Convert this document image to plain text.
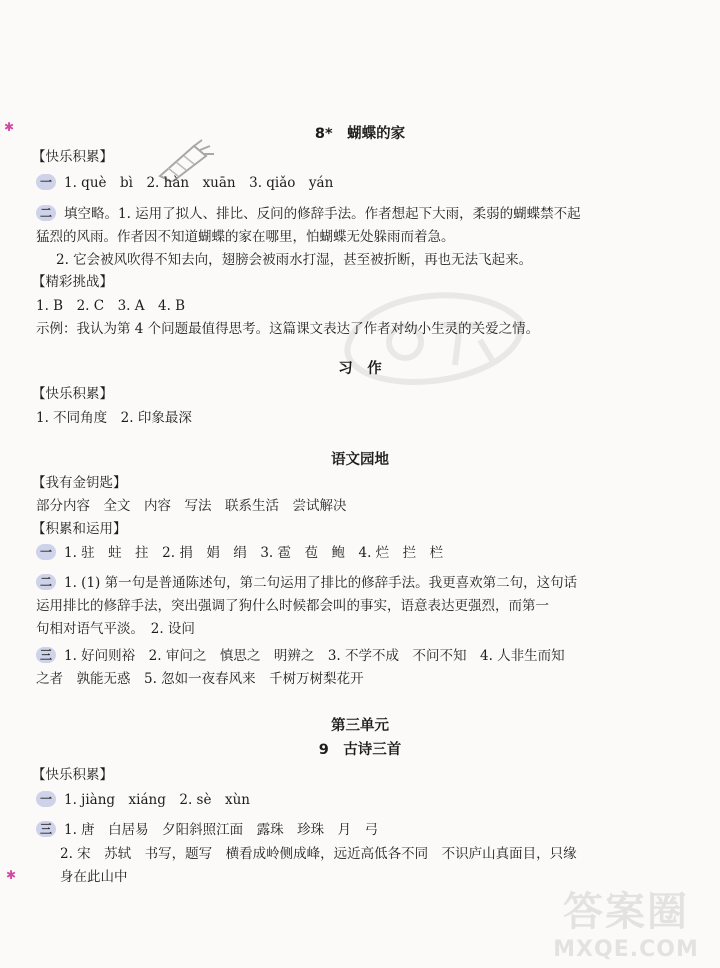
✱
✱
8*　蝴蝶的家
【快乐积累】
一 1. què　bì　2. hàn　xuān　3. qiǎo　yán
二 填空略。1. 运用了拟人、排比、反问的修辞手法。作者想起下大雨，柔弱的蝴蝶禁不起
猛烈的风雨。作者因不知道蝴蝶的家在哪里，怕蝴蝶无处躲雨而着急。
2. 它会被风吹得不知去向，翅膀会被雨水打湿，甚至被折断，再也无法飞起来。
【精彩挑战】
1. B　2. C　3. A　4. B
示例：我认为第 4 个问题最值得思考。这篇课文表达了作者对幼小生灵的关爱之情。
习　作
【快乐积累】
1. 不同角度　2. 印象最深
语文园地
【我有金钥匙】
部分内容　全文　内容　写法　联系生活　尝试解决
【积累和运用】
一 1. 驻　蛀　拄　2. 捐　娟　绢　3. 雹　苞　鲍　4. 烂　拦　栏
二 1. (1) 第一句是普通陈述句，第二句运用了排比的修辞手法。我更喜欢第二句，这句话
运用排比的修辞手法，突出强调了狗什么时候都会叫的事实，语意表达更强烈，而第一
句相对语气平淡。　2. 设问
三 1. 好问则裕　2. 审问之　慎思之　明辨之　3. 不学不成　不问不知　4. 人非生而知
之者　孰能无惑　5. 忽如一夜春风来　千树万树梨花开
第三单元
9　古诗三首
【快乐积累】
一 1. jiàng　xiáng　2. sè　xùn
三 1. 唐　白居易　夕阳斜照江面　露珠　珍珠　月　弓
2. 宋　苏轼　书写，题写　横看成岭侧成峰，远近高低各不同　不识庐山真面目，只缘
身在此山中
答案圈
MXQE.COM
